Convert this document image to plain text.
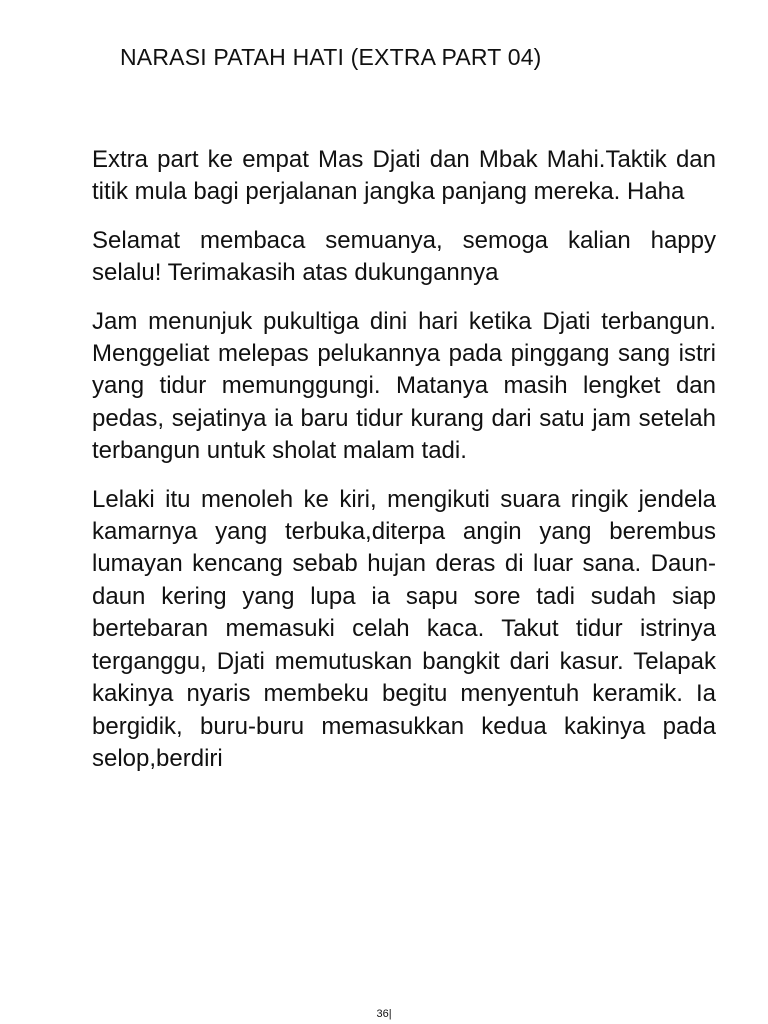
NARASI PATAH HATI (EXTRA PART 04)

Extra part ke empat Mas Djati dan Mbak Mahi.Taktik dan titik mula bagi perjalanan jangka panjang mereka. Haha

Selamat membaca semuanya, semoga kalian happy selalu! Terimakasih atas dukungannya

Jam menunjuk pukultiga dini hari ketika Djati terbangun. Menggeliat melepas pelukannya pada pinggang sang istri yang tidur memunggungi. Matanya masih lengket dan pedas, sejatinya ia baru tidur kurang dari satu jam setelah terbangun untuk sholat malam tadi.

Lelaki itu menoleh ke kiri, mengikuti suara ringik jendela kamarnya yang terbuka,diterpa angin yang berembus lumayan kencang sebab hujan deras di luar sana. Daun-daun kering yang lupa ia sapu sore tadi sudah siap bertebaran memasuki celah kaca. Takut tidur istrinya terganggu, Djati memutuskan bangkit dari kasur. Telapak kakinya nyaris membeku begitu menyentuh keramik. Ia bergidik, buru-buru memasukkan kedua kakinya pada selop,berdiri

36|
